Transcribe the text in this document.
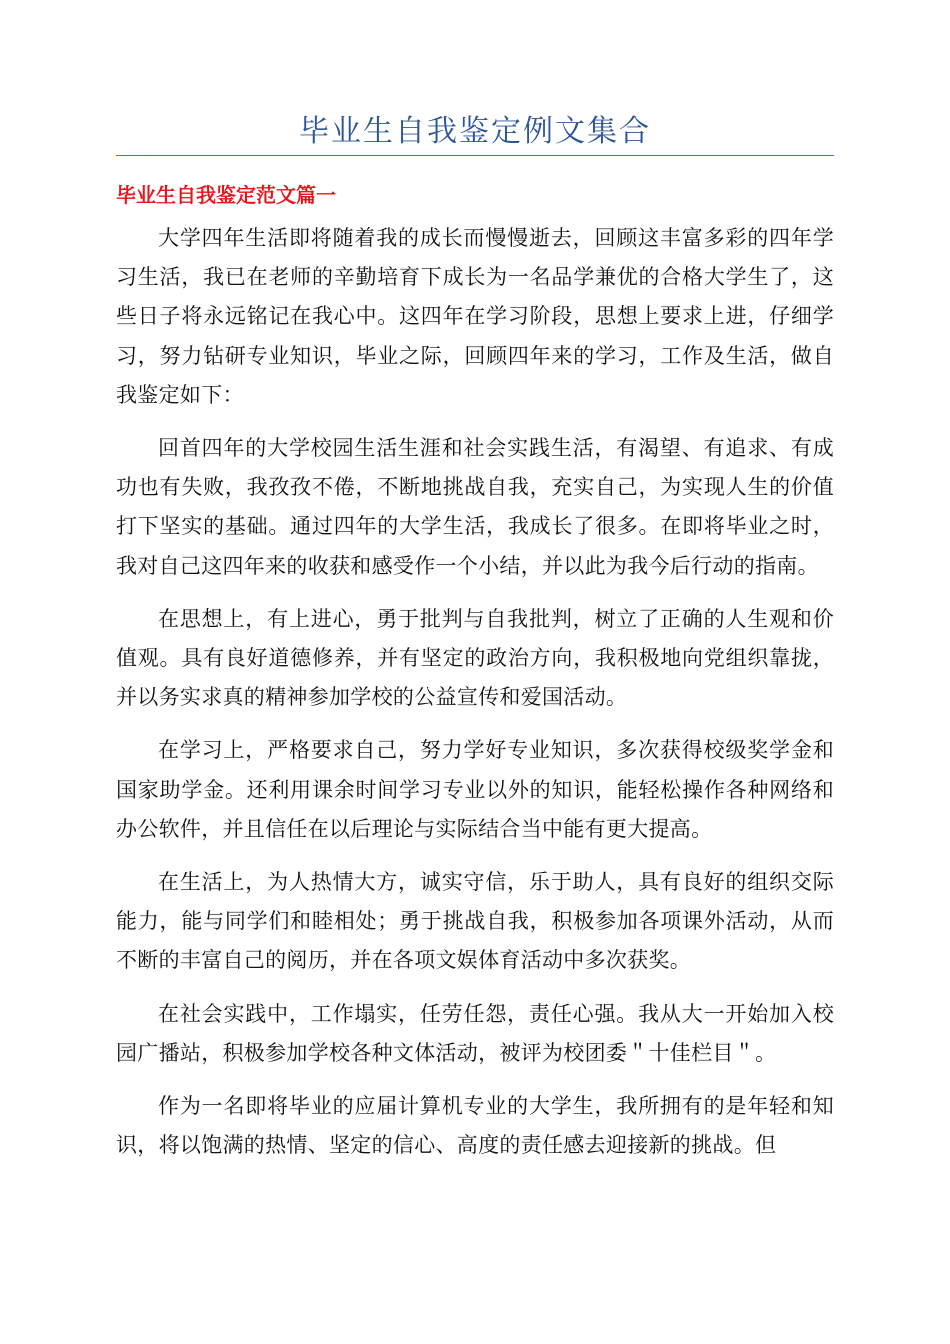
毕业生自我鉴定例文集合
毕业生自我鉴定范文篇一

大学四年生活即将随着我的成长而慢慢逝去，回顾这丰富多彩的四年学习生活，我已在老师的辛勤培育下成长为一名品学兼优的合格大学生了，这些日子将永远铭记在我心中。这四年在学习阶段，思想上要求上进，仔细学习，努力钻研专业知识，毕业之际，回顾四年来的学习，工作及生活，做自我鉴定如下：

回首四年的大学校园生活生涯和社会实践生活，有渴望、有追求、有成功也有失败，我孜孜不倦，不断地挑战自我，充实自己，为实现人生的价值打下坚实的基础。通过四年的大学生活，我成长了很多。在即将毕业之时，我对自己这四年来的收获和感受作一个小结，并以此为我今后行动的指南。

在思想上，有上进心，勇于批判与自我批判，树立了正确的人生观和价值观。具有良好道德修养，并有坚定的政治方向，我积极地向党组织靠拢，并以务实求真的精神参加学校的公益宣传和爱国活动。

在学习上，严格要求自己，努力学好专业知识，多次获得校级奖学金和国家助学金。还利用课余时间学习专业以外的知识，能轻松操作各种网络和办公软件，并且信任在以后理论与实际结合当中能有更大提高。

在生活上，为人热情大方，诚实守信，乐于助人，具有良好的组织交际能力，能与同学们和睦相处；勇于挑战自我，积极参加各项课外活动，从而不断的丰富自己的阅历，并在各项文娱体育活动中多次获奖。

在社会实践中，工作塌实，任劳任怨，责任心强。我从大一开始加入校园广播站，积极参加学校各种文体活动，被评为校团委＂十佳栏目＂。

作为一名即将毕业的应届计算机专业的大学生，我所拥有的是年轻和知识，将以饱满的热情、坚定的信心、高度的责任感去迎接新的挑战。但
